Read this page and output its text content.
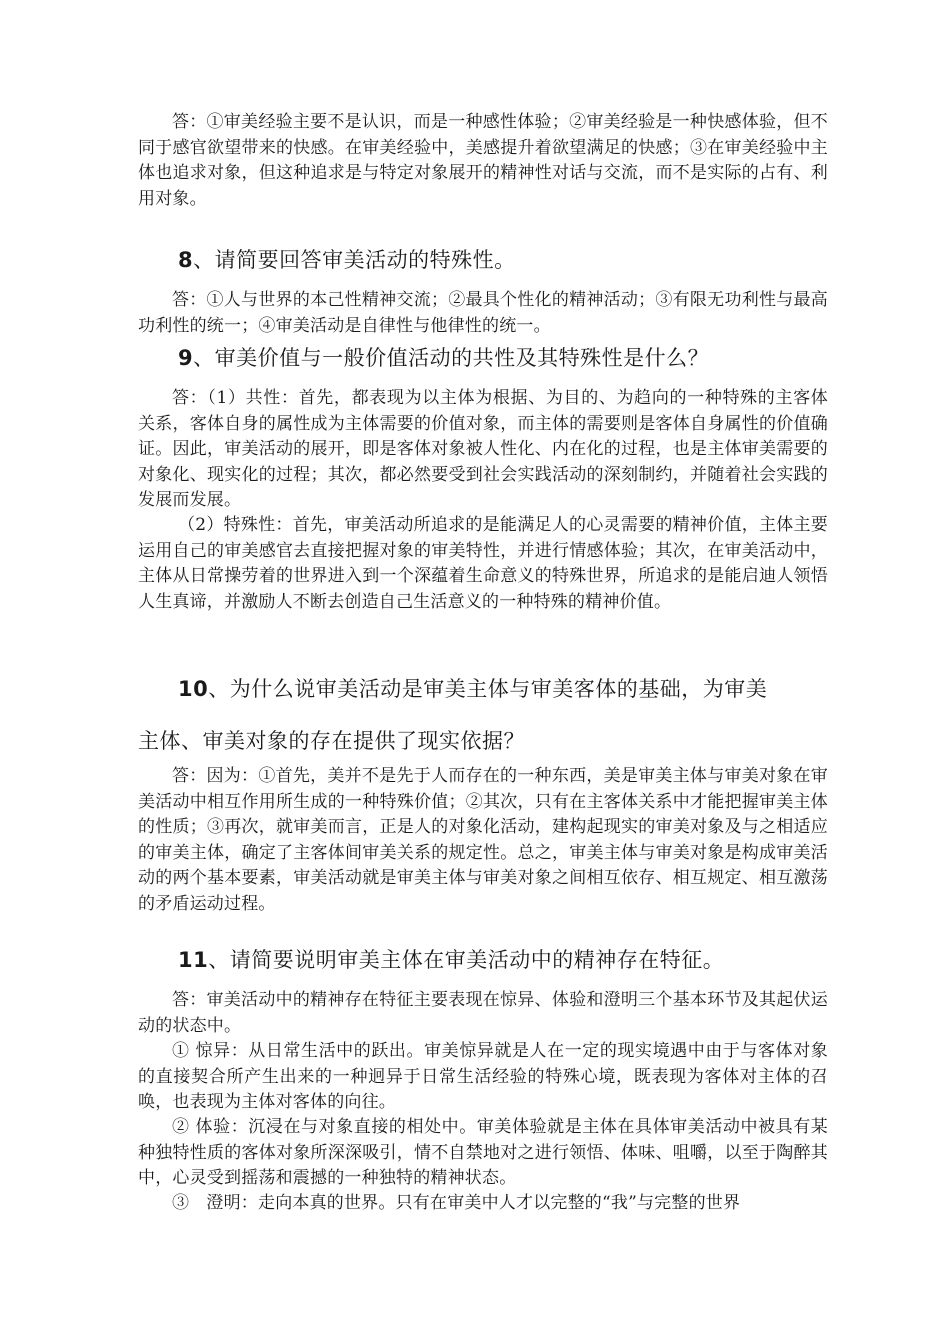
答：①审美经验主要不是认识，而是一种感性体验；②审美经验是一种快感体验，但不同于感官欲望带来的快感。在审美经验中，美感提升着欲望满足的快感；③在审美经验中主体也追求对象，但这种追求是与特定对象展开的精神性对话与交流，而不是实际的占有、利用对象。
8、请简要回答审美活动的特殊性。
答：①人与世界的本己性精神交流；②最具个性化的精神活动；③有限无功利性与最高功利性的统一；④审美活动是自律性与他律性的统一。
9、审美价值与一般价值活动的共性及其特殊性是什么？
答：（1）共性：首先，都表现为以主体为根据、为目的、为趋向的一种特殊的主客体关系，客体自身的属性成为主体需要的价值对象，而主体的需要则是客体自身属性的价值确证。因此，审美活动的展开，即是客体对象被人性化、内在化的过程，也是主体审美需要的对象化、现实化的过程；其次，都必然要受到社会实践活动的深刻制约，并随着社会实践的发展而发展。
（2）特殊性：首先，审美活动所追求的是能满足人的心灵需要的精神价值，主体主要运用自己的审美感官去直接把握对象的审美特性，并进行情感体验；其次，在审美活动中，主体从日常操劳着的世界进入到一个深蕴着生命意义的特殊世界，所追求的是能启迪人领悟人生真谛，并激励人不断去创造自己生活意义的一种特殊的精神价值。
10、为什么说审美活动是审美主体与审美客体的基础，为审美
主体、审美对象的存在提供了现实依据？
答：因为：①首先，美并不是先于人而存在的一种东西，美是审美主体与审美对象在审美活动中相互作用所生成的一种特殊价值；②其次，只有在主客体关系中才能把握审美主体的性质；③再次，就审美而言，正是人的对象化活动，建构起现实的审美对象及与之相适应的审美主体，确定了主客体间审美关系的规定性。总之，审美主体与审美对象是构成审美活动的两个基本要素，审美活动就是审美主体与审美对象之间相互依存、相互规定、相互激荡的矛盾运动过程。
11、请简要说明审美主体在审美活动中的精神存在特征。
答：审美活动中的精神存在特征主要表现在惊异、体验和澄明三个基本环节及其起伏运动的状态中。
① 惊异：从日常生活中的跃出。审美惊异就是人在一定的现实境遇中由于与客体对象的直接契合所产生出来的一种迥异于日常生活经验的特殊心境，既表现为客体对主体的召唤，也表现为主体对客体的向往。
② 体验：沉浸在与对象直接的相处中。审美体验就是主体在具体审美活动中被具有某种独特性质的客体对象所深深吸引，情不自禁地对之进行领悟、体味、咀嚼，以至于陶醉其中，心灵受到摇荡和震撼的一种独特的精神状态。
③　澄明：走向本真的世界。只有在审美中人才以完整的“我”与完整的世界
